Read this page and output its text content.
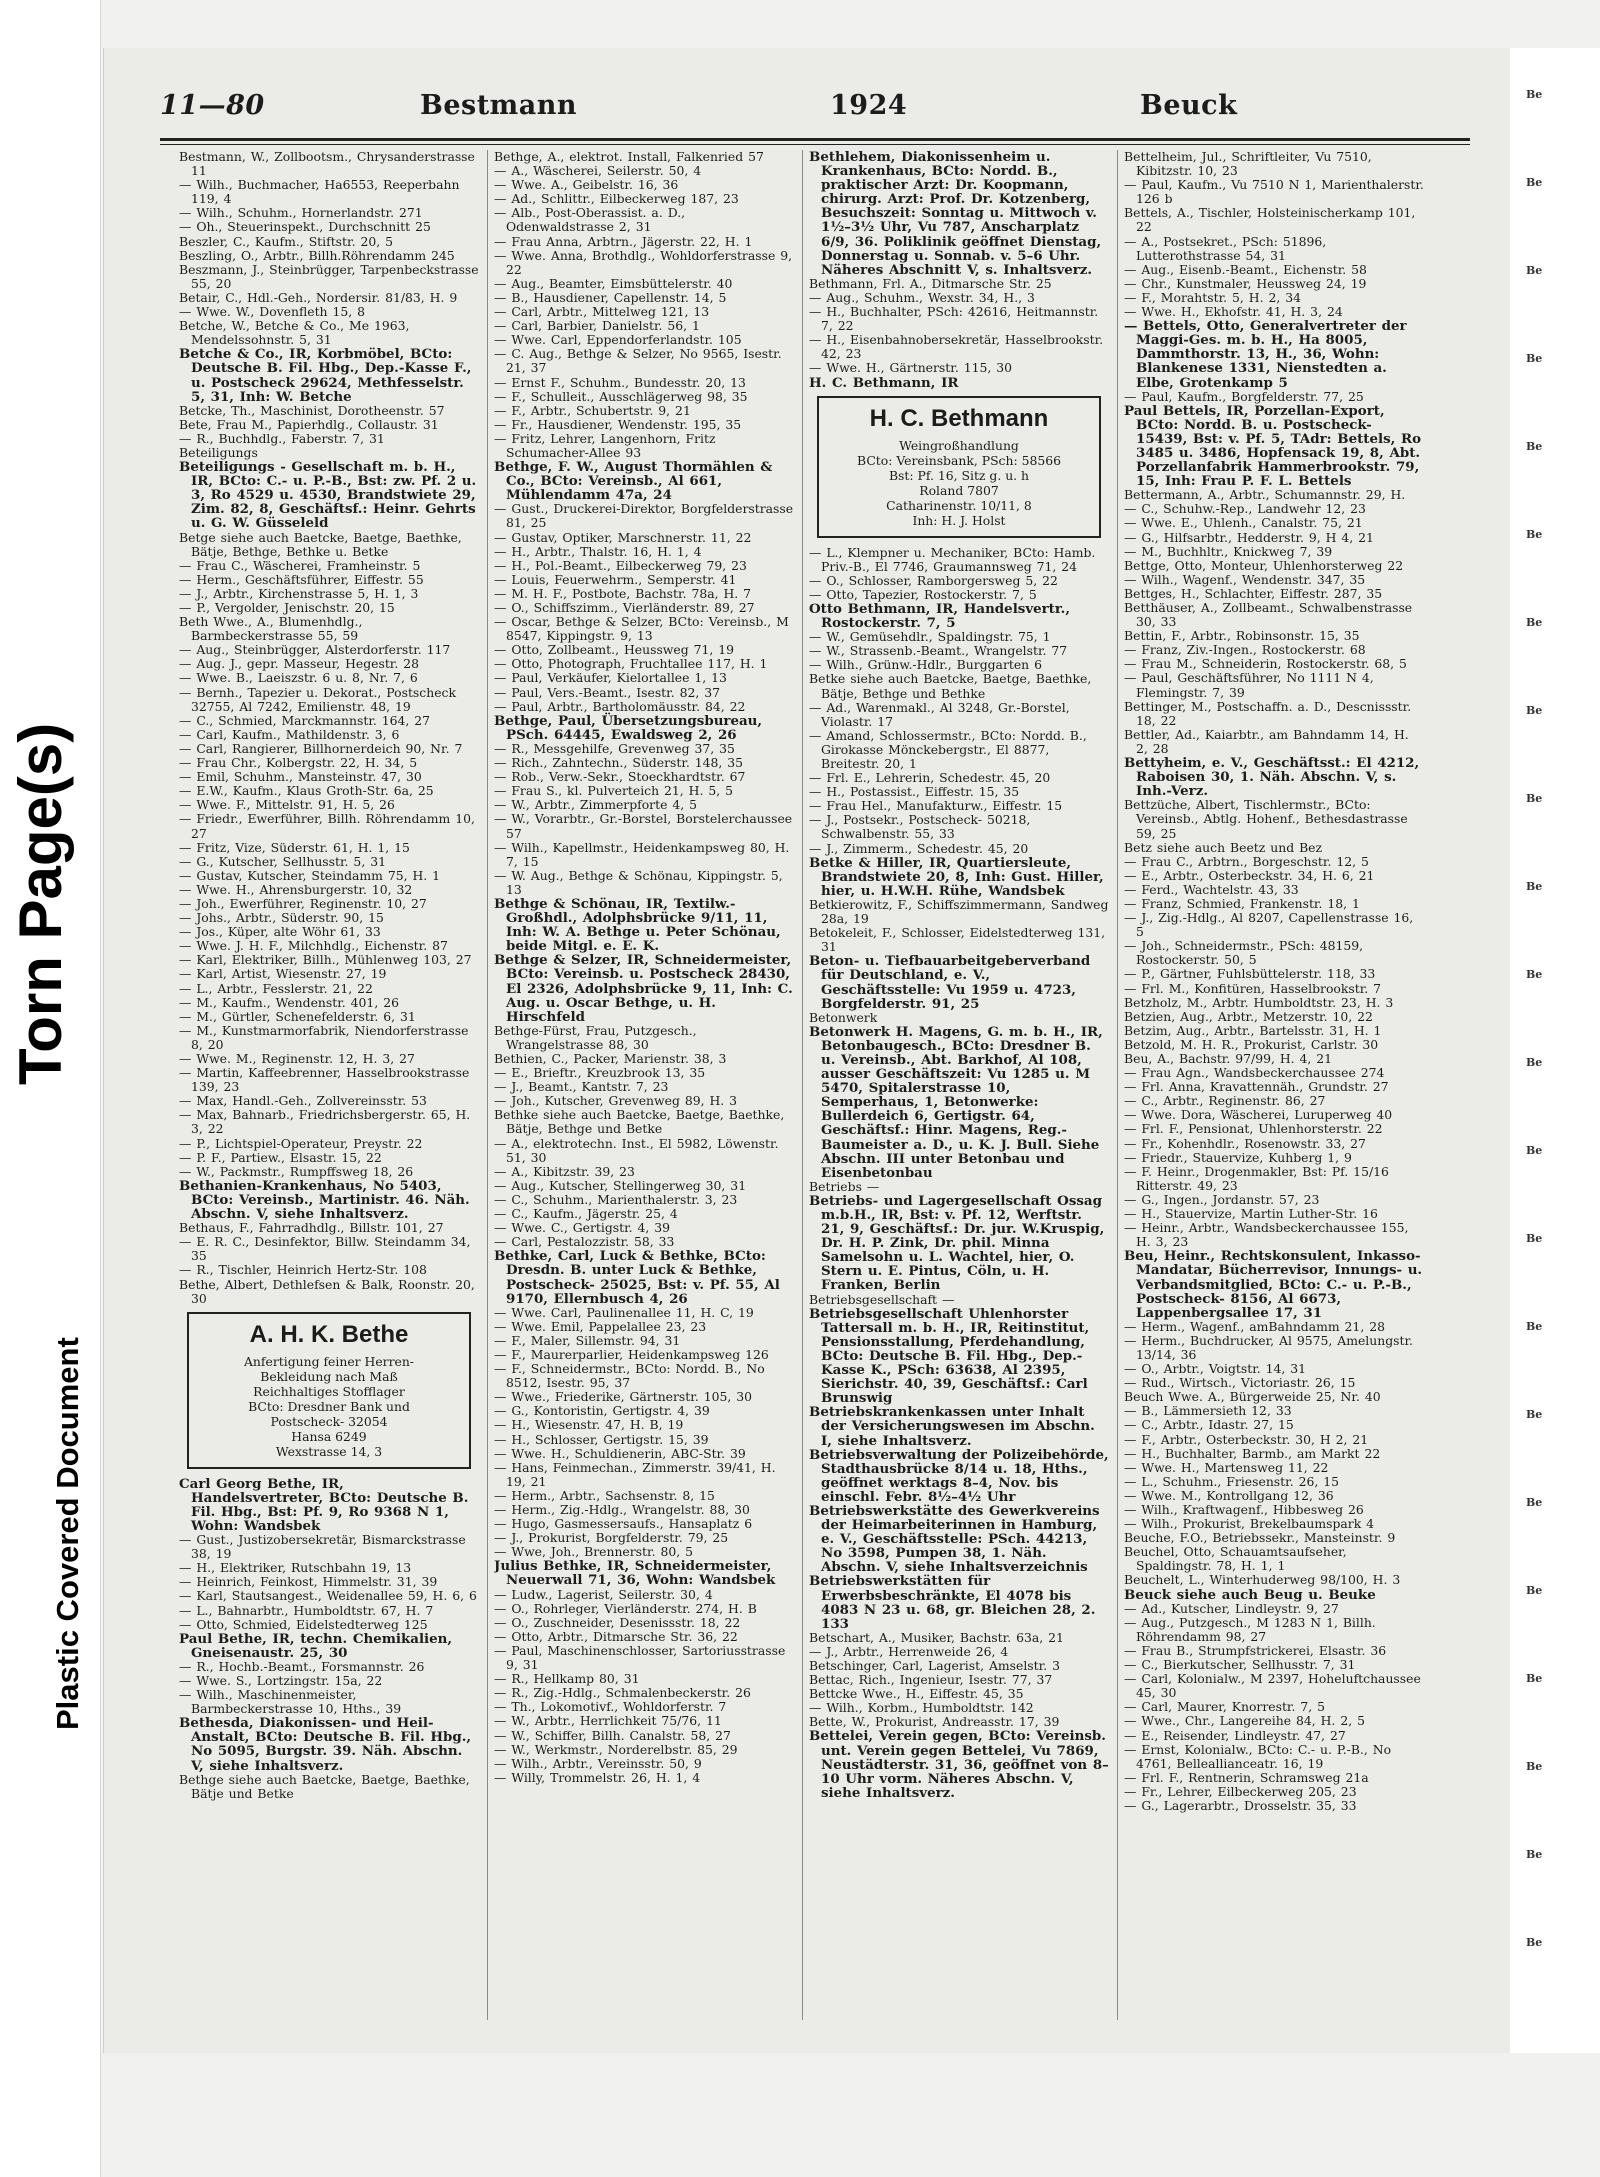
Torn Page(s)
Plastic Covered Document
11—80	Bestmann	1924	Beuck

Bestmann, W., Zollbootsm., Chrysanderstrasse 11

— Wilh., Buchmacher, Ha6553, Reeperbahn 119, 4

— Wilh., Schuhm., Hornerlandstr. 271

— Oh., Steuerinspekt., Durchschnitt 25

Beszler, C., Kaufm., Stiftstr. 20, 5

Beszling, O., Arbtr., Billh.Röhrendamm 245

Beszmann, J., Steinbrügger, Tarpenbeckstrasse 55, 20

Betair, C., Hdl.-Geh., Nordersir. 81/83, H. 9

— Wwe. W., Dovenfleth 15, 8

Betche, W., Betche & Co., Me 1963, Mendelssohnstr. 5, 31

Betche & Co., IR, Korbmöbel, BCto: Deutsche B. Fil. Hbg., Dep.-Kasse F., u. Postscheck 29624, Methfesselstr. 5, 31, Inh: W. Betche

Betcke, Th., Maschinist, Dorotheenstr. 57

Bete, Frau M., Papierhdlg., Collaustr. 31

— R., Buchhdlg., Faberstr. 7, 31

Beteiligungs

Beteiligungs - Gesellschaft m. b. H., IR, BCto: C.- u. P.-B., Bst: zw. Pf. 2 u. 3, Ro 4529 u. 4530, Brandstwiete 29, Zim. 82, 8, Geschäftsf.: Heinr. Gehrts u. G. W. Güsseleld

Betge siehe auch Baetcke, Baetge, Baethke, Bätje, Bethge, Bethke u. Betke

— Frau C., Wäscherei, Framheinstr. 5

— Herm., Geschäftsführer, Eiffestr. 55

— J., Arbtr., Kirchenstrasse 5, H. 1, 3

— P., Vergolder, Jenischstr. 20, 15

Beth Wwe., A., Blumenhdlg., Barmbeckerstrasse 55, 59

— Aug., Steinbrügger, Alsterdorferstr. 117

— Aug. J., gepr. Masseur, Hegestr. 28

— Wwe. B., Laeiszstr. 6 u. 8, Nr. 7, 6

— Bernh., Tapezier u. Dekorat., Postscheck 32755, Al 7242, Emilienstr. 48, 19

— C., Schmied, Marckmannstr. 164, 27

— Carl, Kaufm., Mathildenstr. 3, 6

— Carl, Rangierer, Billhornerdeich 90, Nr. 7

— Frau Chr., Kolbergstr. 22, H. 34, 5

— Emil, Schuhm., Mansteinstr. 47, 30

— E.W., Kaufm., Klaus Groth-Str. 6a, 25

— Wwe. F., Mittelstr. 91, H. 5, 26

— Friedr., Ewerführer, Billh. Röhrendamm 10, 27

— Fritz, Vize, Süderstr. 61, H. 1, 15

— G., Kutscher, Sellhusstr. 5, 31

— Gustav, Kutscher, Steindamm 75, H. 1

— Wwe. H., Ahrensburgerstr. 10, 32

— Joh., Ewerführer, Reginenstr. 10, 27

— Johs., Arbtr., Süderstr. 90, 15

— Jos., Küper, alte Wöhr 61, 33

— Wwe. J. H. F., Milchhdlg., Eichenstr. 87

— Karl, Elektriker, Billh., Mühlenweg 103, 27

— Karl, Artist, Wiesenstr. 27, 19

— L., Arbtr., Fesslerstr. 21, 22

— M., Kaufm., Wendenstr. 401, 26

— M., Gürtler, Schenefelderstr. 6, 31

— M., Kunstmarmorfabrik, Niendorferstrasse 8, 20

— Wwe. M., Reginenstr. 12, H. 3, 27

— Martin, Kaffeebrenner, Hasselbrookstrasse 139, 23

— Max, Handl.-Geh., Zollvereinsstr. 53

— Max, Bahnarb., Friedrichsbergerstr. 65, H. 3, 22

— P., Lichtspiel-Operateur, Preystr. 22

— P. F., Partiew., Elsastr. 15, 22

— W., Packmstr., Rumpffsweg 18, 26

Bethanien-Krankenhaus, No 5403, BCto: Vereinsb., Martinistr. 46. Näh. Abschn. V, siehe Inhaltsverz.

Bethaus, F., Fahrradhdlg., Billstr. 101, 27

— E. R. C., Desinfektor, Billw. Steindamm 34, 35

— R., Tischler, Heinrich Hertz-Str. 108

Bethe, Albert, Dethlefsen & Balk, Roonstr. 20, 30

A. H. K. Bethe
Anfertigung feiner Herren-
Bekleidung nach Maß
Reichhaltiges Stofflager
BCto: Dresdner Bank und
Postscheck- 32054
Hansa 6249
Wexstrasse 14, 3

Carl Georg Bethe, IR, Handelsvertreter, BCto: Deutsche B. Fil. Hbg., Bst: Pf. 9, Ro 9368 N 1, Wohn: Wandsbek

— Gust., Justizobersekretär, Bismarckstrasse 38, 19

— H., Elektriker, Rutschbahn 19, 13

— Heinrich, Feinkost, Himmelstr. 31, 39

— Karl, Stautsangest., Weidenallee 59, H. 6, 6

— L., Bahnarbtr., Humboldtstr. 67, H. 7

— Otto, Schmied, Eidelstedterweg 125

Paul Bethe, IR, techn. Chemikalien, Gneisenaustr. 25, 30

— R., Hochb.-Beamt., Forsmannstr. 26

— Wwe. S., Lortzingstr. 15a, 22

— Wilh., Maschinenmeister, Barmbeckerstrasse 10, Hths., 39

Bethesda, Diakonissen- und Heil-Anstalt, BCto: Deutsche B. Fil. Hbg., No 5095, Burgstr. 39. Näh. Abschn. V, siehe Inhaltsverz.

Bethge siehe auch Baetcke, Baetge, Baethke, Bätje und Betke

Bethge, A., elektrot. Install, Falkenried 57

— A., Wäscherei, Seilerstr. 50, 4

— Wwe. A., Geibelstr. 16, 36

— Ad., Schlittr., Eilbeckerweg 187, 23

— Alb., Post-Oberassist. a. D., Odenwaldstrasse 2, 31

— Frau Anna, Arbtrn., Jägerstr. 22, H. 1

— Wwe. Anna, Brothdlg., Wohldorferstrasse 9, 22

— Aug., Beamter, Eimsbüttelerstr. 40

— B., Hausdiener, Capellenstr. 14, 5

— Carl, Arbtr., Mittelweg 121, 13

— Carl, Barbier, Danielstr. 56, 1

— Wwe. Carl, Eppendorferlandstr. 105

— C. Aug., Bethge & Selzer, No 9565, Isestr. 21, 37

— Ernst F., Schuhm., Bundesstr. 20, 13

— F., Schulleit., Ausschlägerweg 98, 35

— F., Arbtr., Schubertstr. 9, 21

— Fr., Hausdiener, Wendenstr. 195, 35

— Fritz, Lehrer, Langenhorn, Fritz Schumacher-Allee 93

Bethge, F. W., August Thormählen & Co., BCto: Vereinsb., Al 661, Mühlendamm 47a, 24

— Gust., Druckerei-Direktor, Borgfelderstrasse 81, 25

— Gustav, Optiker, Marschnerstr. 11, 22

— H., Arbtr., Thalstr. 16, H. 1, 4

— H., Pol.-Beamt., Eilbeckerweg 79, 23

— Louis, Feuerwehrm., Semperstr. 41

— M. H. F., Postbote, Bachstr. 78a, H. 7

— O., Schiffszimm., Vierländerstr. 89, 27

— Oscar, Bethge & Selzer, BCto: Vereinsb., M 8547, Kippingstr. 9, 13

— Otto, Zollbeamt., Heussweg 71, 19

— Otto, Photograph, Fruchtallee 117, H. 1

— Paul, Verkäufer, Kielortallee 1, 13

— Paul, Vers.-Beamt., Isestr. 82, 37

— Paul, Arbtr., Bartholomäusstr. 84, 22

Bethge, Paul, Übersetzungsbureau, PSch. 64445, Ewaldsweg 2, 26

— R., Messgehilfe, Grevenweg 37, 35

— Rich., Zahntechn., Süderstr. 148, 35

— Rob., Verw.-Sekr., Stoeckhardtstr. 67

— Frau S., kl. Pulverteich 21, H. 5, 5

— W., Arbtr., Zimmerpforte 4, 5

— W., Vorarbtr., Gr.-Borstel, Borstelerchaussee 57

— Wilh., Kapellmstr., Heidenkampsweg 80, H. 7, 15

— W. Aug., Bethge & Schönau, Kippingstr. 5, 13

Bethge & Schönau, IR, Textilw.-Großhdl., Adolphsbrücke 9/11, 11, Inh: W. A. Bethge u. Peter Schönau, beide Mitgl. e. E. K.

Bethge & Selzer, IR, Schneidermeister, BCto: Vereinsb. u. Postscheck 28430, El 2326, Adolphsbrücke 9, 11, Inh: C. Aug. u. Oscar Bethge, u. H. Hirschfeld

Bethge-Fürst, Frau, Putzgesch., Wrangelstrasse 88, 30

Bethien, C., Packer, Marienstr. 38, 3

— E., Brieftr., Kreuzbrook 13, 35

— J., Beamt., Kantstr. 7, 23

— Joh., Kutscher, Grevenweg 89, H. 3

Bethke siehe auch Baetcke, Baetge, Baethke, Bätje, Bethge und Betke

— A., elektrotechn. Inst., El 5982, Löwenstr. 51, 30

— A., Kibitzstr. 39, 23

— Aug., Kutscher, Stellingerweg 30, 31

— C., Schuhm., Marienthalerstr. 3, 23

— C., Kaufm., Jägerstr. 25, 4

— Wwe. C., Gertigstr. 4, 39

— Carl, Pestalozzistr. 58, 33

Bethke, Carl, Luck & Bethke, BCto: Dresdn. B. unter Luck & Bethke, Postscheck- 25025, Bst: v. Pf. 55, Al 9170, Ellernbusch 4, 26

— Wwe. Carl, Paulinenallee 11, H. C, 19

— Wwe. Emil, Pappelallee 23, 23

— F., Maler, Sillemstr. 94, 31

— F., Maurerparlier, Heidenkampsweg 126

— F., Schneidermstr., BCto: Nordd. B., No 8512, Isestr. 95, 37

— Wwe., Friederike, Gärtnerstr. 105, 30

— G., Kontoristin, Gertigstr. 4, 39

— H., Wiesenstr. 47, H. B, 19

— H., Schlosser, Gertigstr. 15, 39

— Wwe. H., Schuldienerin, ABC-Str. 39

— Hans, Feinmechan., Zimmerstr. 39/41, H. 19, 21

— Herm., Arbtr., Sachsenstr. 8, 15

— Herm., Zig.-Hdlg., Wrangelstr. 88, 30

— Hugo, Gasmessersaufs., Hansaplatz 6

— J., Prokurist, Borgfelderstr. 79, 25

— Wwe, Joh., Brennerstr. 80, 5

Julius Bethke, IR, Schneidermeister, Neuerwall 71, 36, Wohn: Wandsbek

— Ludw., Lagerist, Seilerstr. 30, 4

— O., Rohrleger, Vierländerstr. 274, H. B

— O., Zuschneider, Desenissstr. 18, 22

— Otto, Arbtr., Ditmarsche Str. 36, 22

— Paul, Maschinenschlosser, Sartoriusstrasse 9, 31

— R., Hellkamp 80, 31

— R., Zig.-Hdlg., Schmalenbeckerstr. 26

— Th., Lokomotivf., Wohldorferstr. 7

— W., Arbtr., Herrlichkeit 75/76, 11

— W., Schiffer, Billh. Canalstr. 58, 27

— W., Werkmstr., Norderelbstr. 85, 29

— Wilh., Arbtr., Vereinsstr. 50, 9

— Willy, Trommelstr. 26, H. 1, 4

Bethlehem, Diakonissenheim u. Krankenhaus, BCto: Nordd. B., praktischer Arzt: Dr. Koopmann, chirurg. Arzt: Prof. Dr. Kotzenberg, Besuchszeit: Sonntag u. Mittwoch v. 1½–3½ Uhr, Vu 787, Anscharplatz 6/9, 36. Poliklinik geöffnet Dienstag, Donnerstag u. Sonnab. v. 5–6 Uhr. Näheres Abschnitt V, s. Inhaltsverz.

Bethmann, Frl. A., Ditmarsche Str. 25

— Aug., Schuhm., Wexstr. 34, H., 3

— H., Buchhalter, PSch: 42616, Heitmannstr. 7, 22

— H., Eisenbahnobersekretär, Hasselbrookstr. 42, 23

— Wwe. H., Gärtnerstr. 115, 30

H. C. Bethmann, IR

H. C. Bethmann
Weingroßhandlung
BCto: Vereinsbank, PSch: 58566
Bst: Pf. 16, Sitz g. u. h
Roland 7807
Catharinenstr. 10/11, 8
Inh: H. J. Holst

— L., Klempner u. Mechaniker, BCto: Hamb. Priv.-B., El 7746, Graumannsweg 71, 24

— O., Schlosser, Ramborgersweg 5, 22

— Otto, Tapezier, Rostockerstr. 7, 5

Otto Bethmann, IR, Handelsvertr., Rostockerstr. 7, 5

— W., Gemüsehdlr., Spaldingstr. 75, 1

— W., Strassenb.-Beamt., Wrangelstr. 77

— Wilh., Grünw.-Hdlr., Burggarten 6

Betke siehe auch Baetcke, Baetge, Baethke, Bätje, Bethge und Bethke

— Ad., Warenmakl., Al 3248, Gr.-Borstel, Violastr. 17

— Amand, Schlossermstr., BCto: Nordd. B., Girokasse Mönckebergstr., El 8877, Breitestr. 20, 1

— Frl. E., Lehrerin, Schedestr. 45, 20

— H., Postassist., Eiffestr. 15, 35

— Frau Hel., Manufakturw., Eiffestr. 15

— J., Postsekr., Postscheck- 50218, Schwalbenstr. 55, 33

— J., Zimmerm., Schedestr. 45, 20

Betke & Hiller, IR, Quartiersleute, Brandstwiete 20, 8, Inh: Gust. Hiller, hier, u. H.W.H. Rühe, Wandsbek

Betkierowitz, F., Schiffszimmermann, Sandweg 28a, 19

Betokeleit, F., Schlosser, Eidelstedterweg 131, 31

Beton- u. Tiefbauarbeitgeberverband für Deutschland, e. V., Geschäftsstelle: Vu 1959 u. 4723, Borgfelderstr. 91, 25

Betonwerk

Betonwerk H. Magens, G. m. b. H., IR, Betonbaugesch., BCto: Dresdner B. u. Vereinsb., Abt. Barkhof, Al 108, ausser Geschäftszeit: Vu 1285 u. M 5470, Spitalerstrasse 10, Semperhaus, 1, Betonwerke: Bullerdeich 6, Gertigstr. 64, Geschäftsf.: Hinr. Magens, Reg.-Baumeister a. D., u. K. J. Bull. Siehe Abschn. III unter Betonbau und Eisenbetonbau

Betriebs —

Betriebs- und Lagergesellschaft Ossag m.b.H., IR, Bst: v. Pf. 12, Werftstr. 21, 9, Geschäftsf.: Dr. jur. W.Kruspig, Dr. H. P. Zink, Dr. phil. Minna Samelsohn u. L. Wachtel, hier, O. Stern u. E. Pintus, Cöln, u. H. Franken, Berlin

Betriebsgesellschaft —

Betriebsgesellschaft Uhlenhorster Tattersall m. b. H., IR, Reitinstitut, Pensionsstallung, Pferdehandlung, BCto: Deutsche B. Fil. Hbg., Dep.-Kasse K., PSch: 63638, Al 2395, Sierichstr. 40, 39, Geschäftsf.: Carl Brunswig

Betriebskrankenkassen unter Inhalt der Versicherungswesen im Abschn. I, siehe Inhaltsverz.

Betriebsverwaltung der Polizeibehörde, Stadthausbrücke 8/14 u. 18, Hths., geöffnet werktags 8–4, Nov. bis einschl. Febr. 8½–4½ Uhr

Betriebswerkstätte des Gewerkvereins der Heimarbeiterinnen in Hamburg, e. V., Geschäftsstelle: PSch. 44213, No 3598, Pumpen 38, 1. Näh. Abschn. V, siehe Inhaltsverzeichnis

Betriebswerkstätten für Erwerbsbeschränkte, El 4078 bis 4083 N 23 u. 68, gr. Bleichen 28, 2. 133

Betschart, A., Musiker, Bachstr. 63a, 21

— J., Arbtr., Herrenweide 26, 4

Betschinger, Carl, Lagerist, Amselstr. 3

Bettac, Rich., Ingenieur, Isestr. 77, 37

Bettcke Wwe., H., Eiffestr. 45, 35

— Wilh., Korbm., Humboldtstr. 142

Bette, W., Prokurist, Andreasstr. 17, 39

Bettelei, Verein gegen, BCto: Vereinsb. unt. Verein gegen Bettelei, Vu 7869, Neustädterstr. 31, 36, geöffnet von 8–10 Uhr vorm. Näheres Abschn. V, siehe Inhaltsverz.

Bettelheim, Jul., Schriftleiter, Vu 7510, Kibitzstr. 10, 23

— Paul, Kaufm., Vu 7510 N 1, Marienthalerstr. 126 b

Bettels, A., Tischler, Holsteinischerkamp 101, 22

— A., Postsekret., PSch: 51896, Lutterothstrasse 54, 31

— Aug., Eisenb.-Beamt., Eichenstr. 58

— Chr., Kunstmaler, Heussweg 24, 19

— F., Morahtstr. 5, H. 2, 34

— Wwe. H., Ekhofstr. 41, H. 3, 24

— Bettels, Otto, Generalvertreter der Maggi-Ges. m. b. H., Ha 8005, Dammthorstr. 13, H., 36, Wohn: Blankenese 1331, Nienstedten a. Elbe, Grotenkamp 5

— Paul, Kaufm., Borgfelderstr. 77, 25

Paul Bettels, IR, Porzellan-Export, BCto: Nordd. B. u. Postscheck- 15439, Bst: v. Pf. 5, TAdr: Bettels, Ro 3485 u. 3486, Hopfensack 19, 8, Abt. Porzellanfabrik Hammerbrookstr. 79, 15, Inh: Frau P. F. L. Bettels

Bettermann, A., Arbtr., Schumannstr. 29, H.

— C., Schuhw.-Rep., Landwehr 12, 23

— Wwe. E., Uhlenh., Canalstr. 75, 21

— G., Hilfsarbtr., Hedderstr. 9, H 4, 21

— M., Buchhltr., Knickweg 7, 39

Bettge, Otto, Monteur, Uhlenhorsterweg 22

— Wilh., Wagenf., Wendenstr. 347, 35

Bettges, H., Schlachter, Eiffestr. 287, 35

Betthäuser, A., Zollbeamt., Schwalbenstrasse 30, 33

Bettin, F., Arbtr., Robinsonstr. 15, 35

— Franz, Ziv.-Ingen., Rostockerstr. 68

— Frau M., Schneiderin, Rostockerstr. 68, 5

— Paul, Geschäftsführer, No 1111 N 4, Flemingstr. 7, 39

Bettinger, M., Postschaffn. a. D., Descnissstr. 18, 22

Bettler, Ad., Kaiarbtr., am Bahndamm 14, H. 2, 28

Bettyheim, e. V., Geschäftsst.: El 4212, Raboisen 30, 1. Näh. Abschn. V, s. Inh.-Verz.

Bettzüche, Albert, Tischlermstr., BCto: Vereinsb., Abtlg. Hohenf., Bethesdastrasse 59, 25

Betz siehe auch Beetz und Bez

— Frau C., Arbtrn., Borgeschstr. 12, 5

— E., Arbtr., Osterbeckstr. 34, H. 6, 21

— Ferd., Wachtelstr. 43, 33

— Franz, Schmied, Frankenstr. 18, 1

— J., Zig.-Hdlg., Al 8207, Capellenstrasse 16, 5

— Joh., Schneidermstr., PSch: 48159, Rostockerstr. 50, 5

— P., Gärtner, Fuhlsbüttelerstr. 118, 33

— Frl. M., Konfitüren, Hasselbrookstr. 7

Betzholz, M., Arbtr. Humboldtstr. 23, H. 3

Betzien, Aug., Arbtr., Metzerstr. 10, 22

Betzim, Aug., Arbtr., Bartelsstr. 31, H. 1

Betzold, M. H. R., Prokurist, Carlstr. 30

Beu, A., Bachstr. 97/99, H. 4, 21

— Frau Agn., Wandsbeckerchaussee 274

— Frl. Anna, Kravattennäh., Grundstr. 27

— C., Arbtr., Reginenstr. 86, 27

— Wwe. Dora, Wäscherei, Luruperweg 40

— Frl. F., Pensionat, Uhlenhorsterstr. 22

— Fr., Kohenhdlr., Rosenowstr. 33, 27

— Friedr., Stauervize, Kuhberg 1, 9

— F. Heinr., Drogenmakler, Bst: Pf. 15/16 Ritterstr. 49, 23

— G., Ingen., Jordanstr. 57, 23

— H., Stauervize, Martin Luther-Str. 16

— Heinr., Arbtr., Wandsbeckerchaussee 155, H. 3, 23

Beu, Heinr., Rechtskonsulent, Inkasso-Mandatar, Bücherrevisor, Innungs- u. Verbandsmitglied, BCto: C.- u. P.-B., Postscheck- 8156, Al 6673, Lappenbergsallee 17, 31

— Herm., Wagenf., amBahndamm 21, 28

— Herm., Buchdrucker, Al 9575, Amelungstr. 13/14, 36

— O., Arbtr., Voigtstr. 14, 31

— Rud., Wirtsch., Victoriastr. 26, 15

Beuch Wwe. A., Bürgerweide 25, Nr. 40

— B., Lämmersieth 12, 33

— C., Arbtr., Idastr. 27, 15

— F., Arbtr., Osterbeckstr. 30, H 2, 21

— H., Buchhalter, Barmb., am Markt 22

— Wwe. H., Martensweg 11, 22

— L., Schuhm., Friesenstr. 26, 15

— Wwe. M., Kontrollgang 12, 36

— Wilh., Kraftwagenf., Hibbesweg 26

— Wilh., Prokurist, Brekelbaumspark 4

Beuche, F.O., Betriebssekr., Mansteinstr. 9

Beuchel, Otto, Schauamtsaufseher, Spaldingstr. 78, H. 1, 1

Beuchelt, L., Winterhuderweg 98/100, H. 3

Beuck siehe auch Beug u. Beuke

— Ad., Kutscher, Lindleystr. 9, 27

— Aug., Putzgesch., M 1283 N 1, Billh. Röhrendamm 98, 27

— Frau B., Strumpfstrickerei, Elsastr. 36

— C., Bierkutscher, Sellhusstr. 7, 31

— Carl, Kolonialw., M 2397, Hoheluftchaussee 45, 30

— Carl, Maurer, Knorrestr. 7, 5

— Wwe., Chr., Langereihe 84, H. 2, 5

— E., Reisender, Lindleystr. 47, 27

— Ernst, Kolonialw., BCto: C.- u. P.-B., No 4761, Belleallianceatr. 16, 19

— Frl. F., Rentnerin, Schramsweg 21a

— Fr., Lehrer, Eilbeckerweg 205, 23

— G., Lagerarbtr., Drosselstr. 35, 33

Be
Be
Be
Be
Be
Be
Be
Be
Be
Be
Be
Be
Be
Be
Be
Be
Be
Be
Be
Be
Be
Be
